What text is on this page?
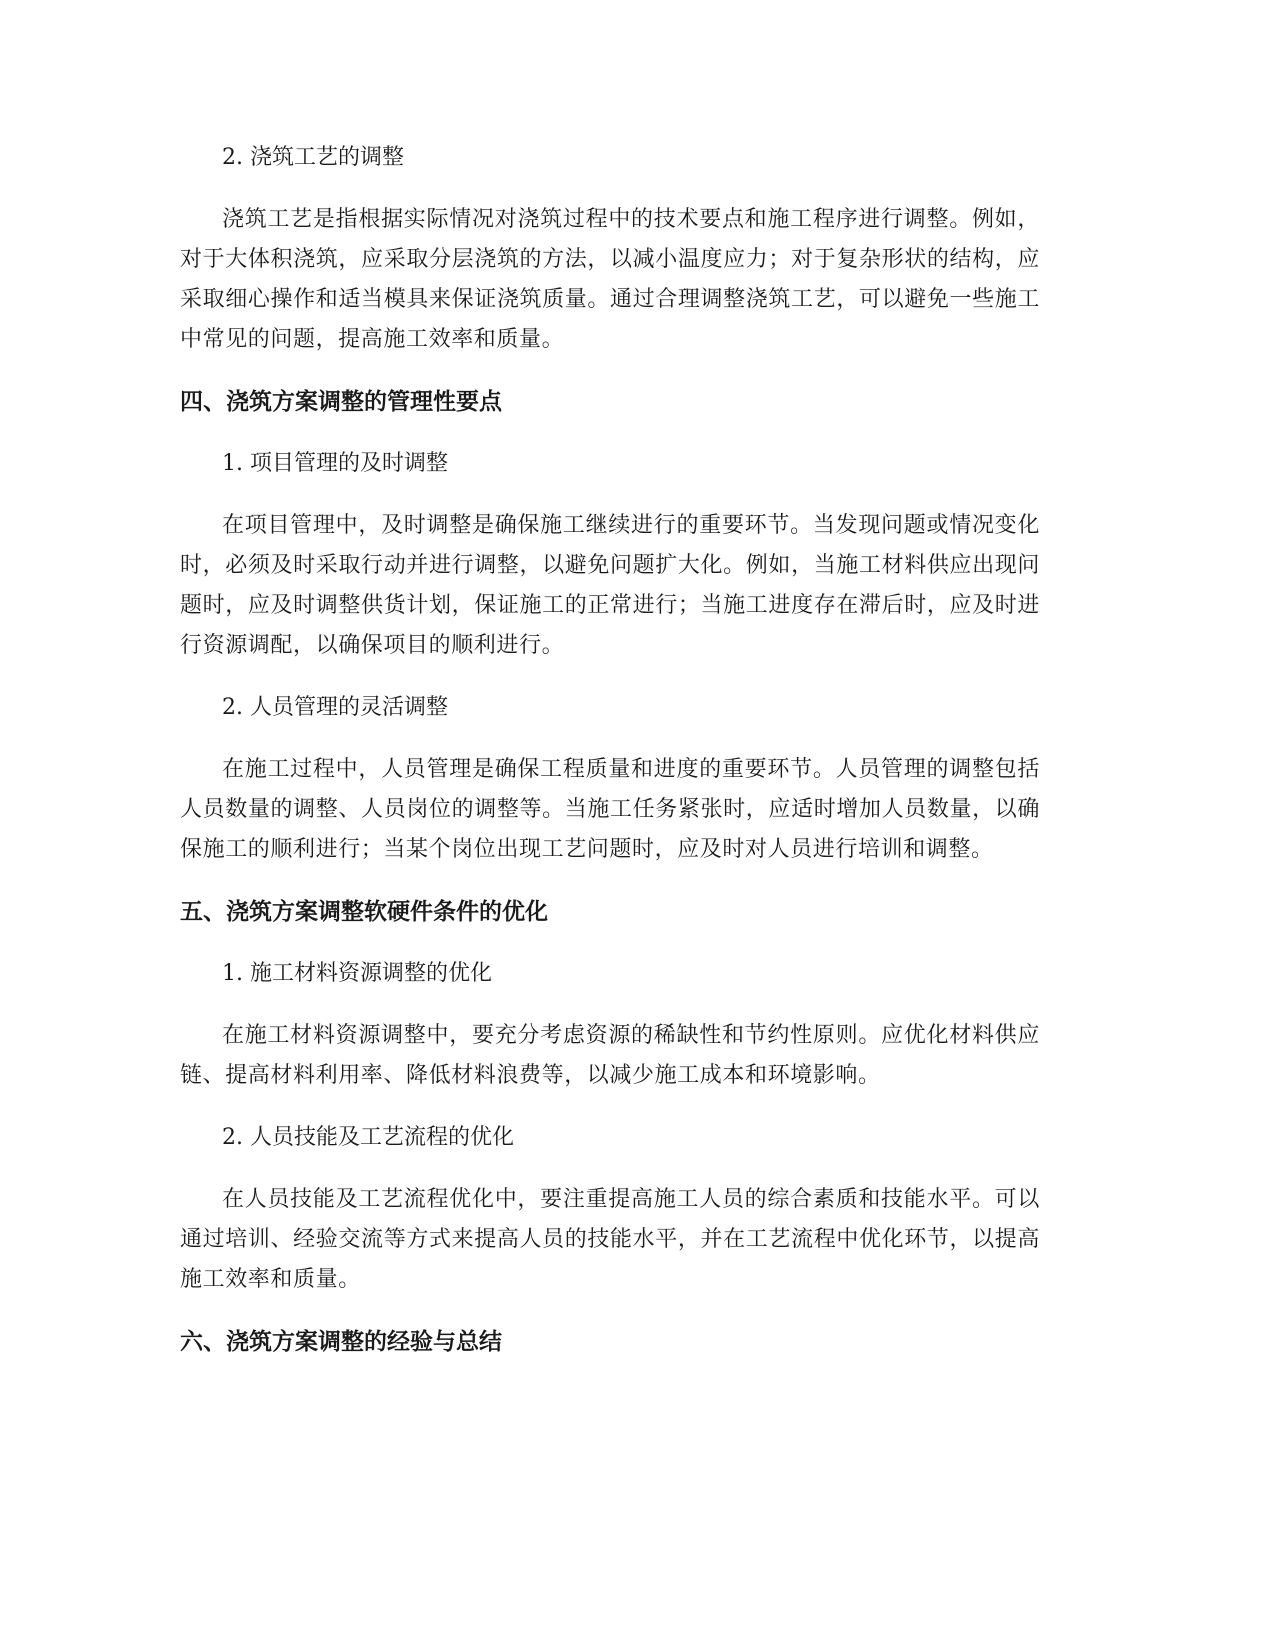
2. 浇筑工艺的调整
浇筑工艺是指根据实际情况对浇筑过程中的技术要点和施工程序进行调整。例如，对于大体积浇筑，应采取分层浇筑的方法，以减小温度应力；对于复杂形状的结构，应采取细心操作和适当模具来保证浇筑质量。通过合理调整浇筑工艺，可以避免一些施工中常见的问题，提高施工效率和质量。
四、浇筑方案调整的管理性要点
1. 项目管理的及时调整
在项目管理中，及时调整是确保施工继续进行的重要环节。当发现问题或情况变化时，必须及时采取行动并进行调整，以避免问题扩大化。例如，当施工材料供应出现问题时，应及时调整供货计划，保证施工的正常进行；当施工进度存在滞后时，应及时进行资源调配，以确保项目的顺利进行。
2. 人员管理的灵活调整
在施工过程中，人员管理是确保工程质量和进度的重要环节。人员管理的调整包括人员数量的调整、人员岗位的调整等。当施工任务紧张时，应适时增加人员数量，以确保施工的顺利进行；当某个岗位出现工艺问题时，应及时对人员进行培训和调整。
五、浇筑方案调整软硬件条件的优化
1. 施工材料资源调整的优化
在施工材料资源调整中，要充分考虑资源的稀缺性和节约性原则。应优化材料供应链、提高材料利用率、降低材料浪费等，以减少施工成本和环境影响。
2. 人员技能及工艺流程的优化
在人员技能及工艺流程优化中，要注重提高施工人员的综合素质和技能水平。可以通过培训、经验交流等方式来提高人员的技能水平，并在工艺流程中优化环节，以提高施工效率和质量。
六、浇筑方案调整的经验与总结
